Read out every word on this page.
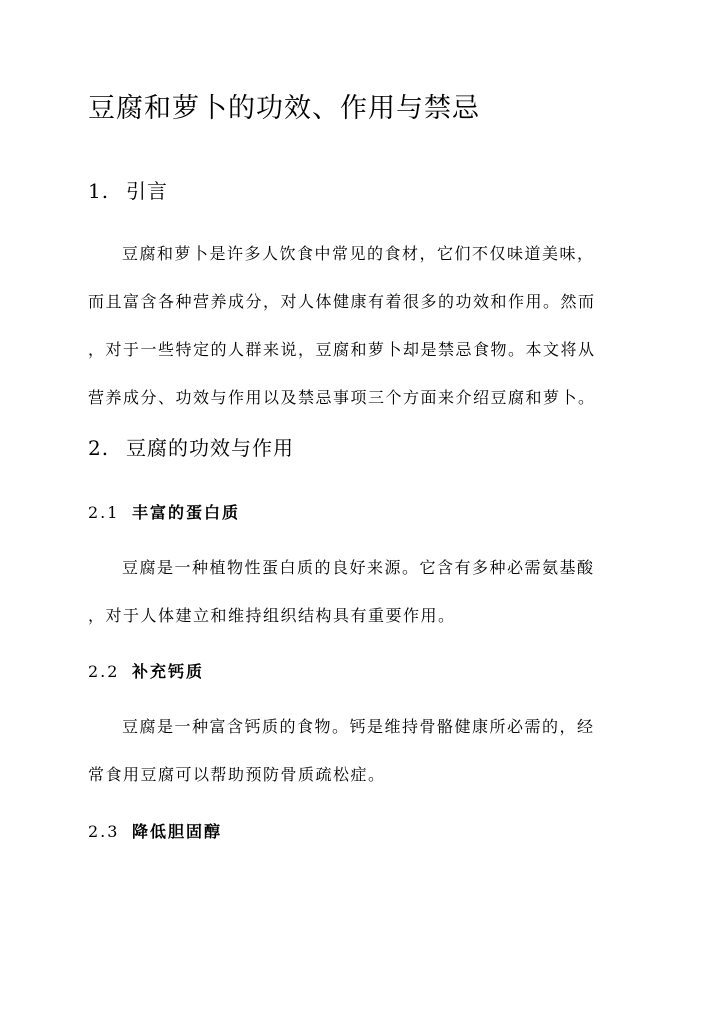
豆腐和萝卜的功效、作用与禁忌
1. 引言
豆腐和萝卜是许多人饮食中常见的食材，它们不仅味道美味，
而且富含各种营养成分，对人体健康有着很多的功效和作用。然而
，对于一些特定的人群来说，豆腐和萝卜却是禁忌食物。本文将从
营养成分、功效与作用以及禁忌事项三个方面来介绍豆腐和萝卜。
2. 豆腐的功效与作用
2.1 丰富的蛋白质
豆腐是一种植物性蛋白质的良好来源。它含有多种必需氨基酸
，对于人体建立和维持组织结构具有重要作用。
2.2 补充钙质
豆腐是一种富含钙质的食物。钙是维持骨骼健康所必需的，经
常食用豆腐可以帮助预防骨质疏松症。
2.3 降低胆固醇
